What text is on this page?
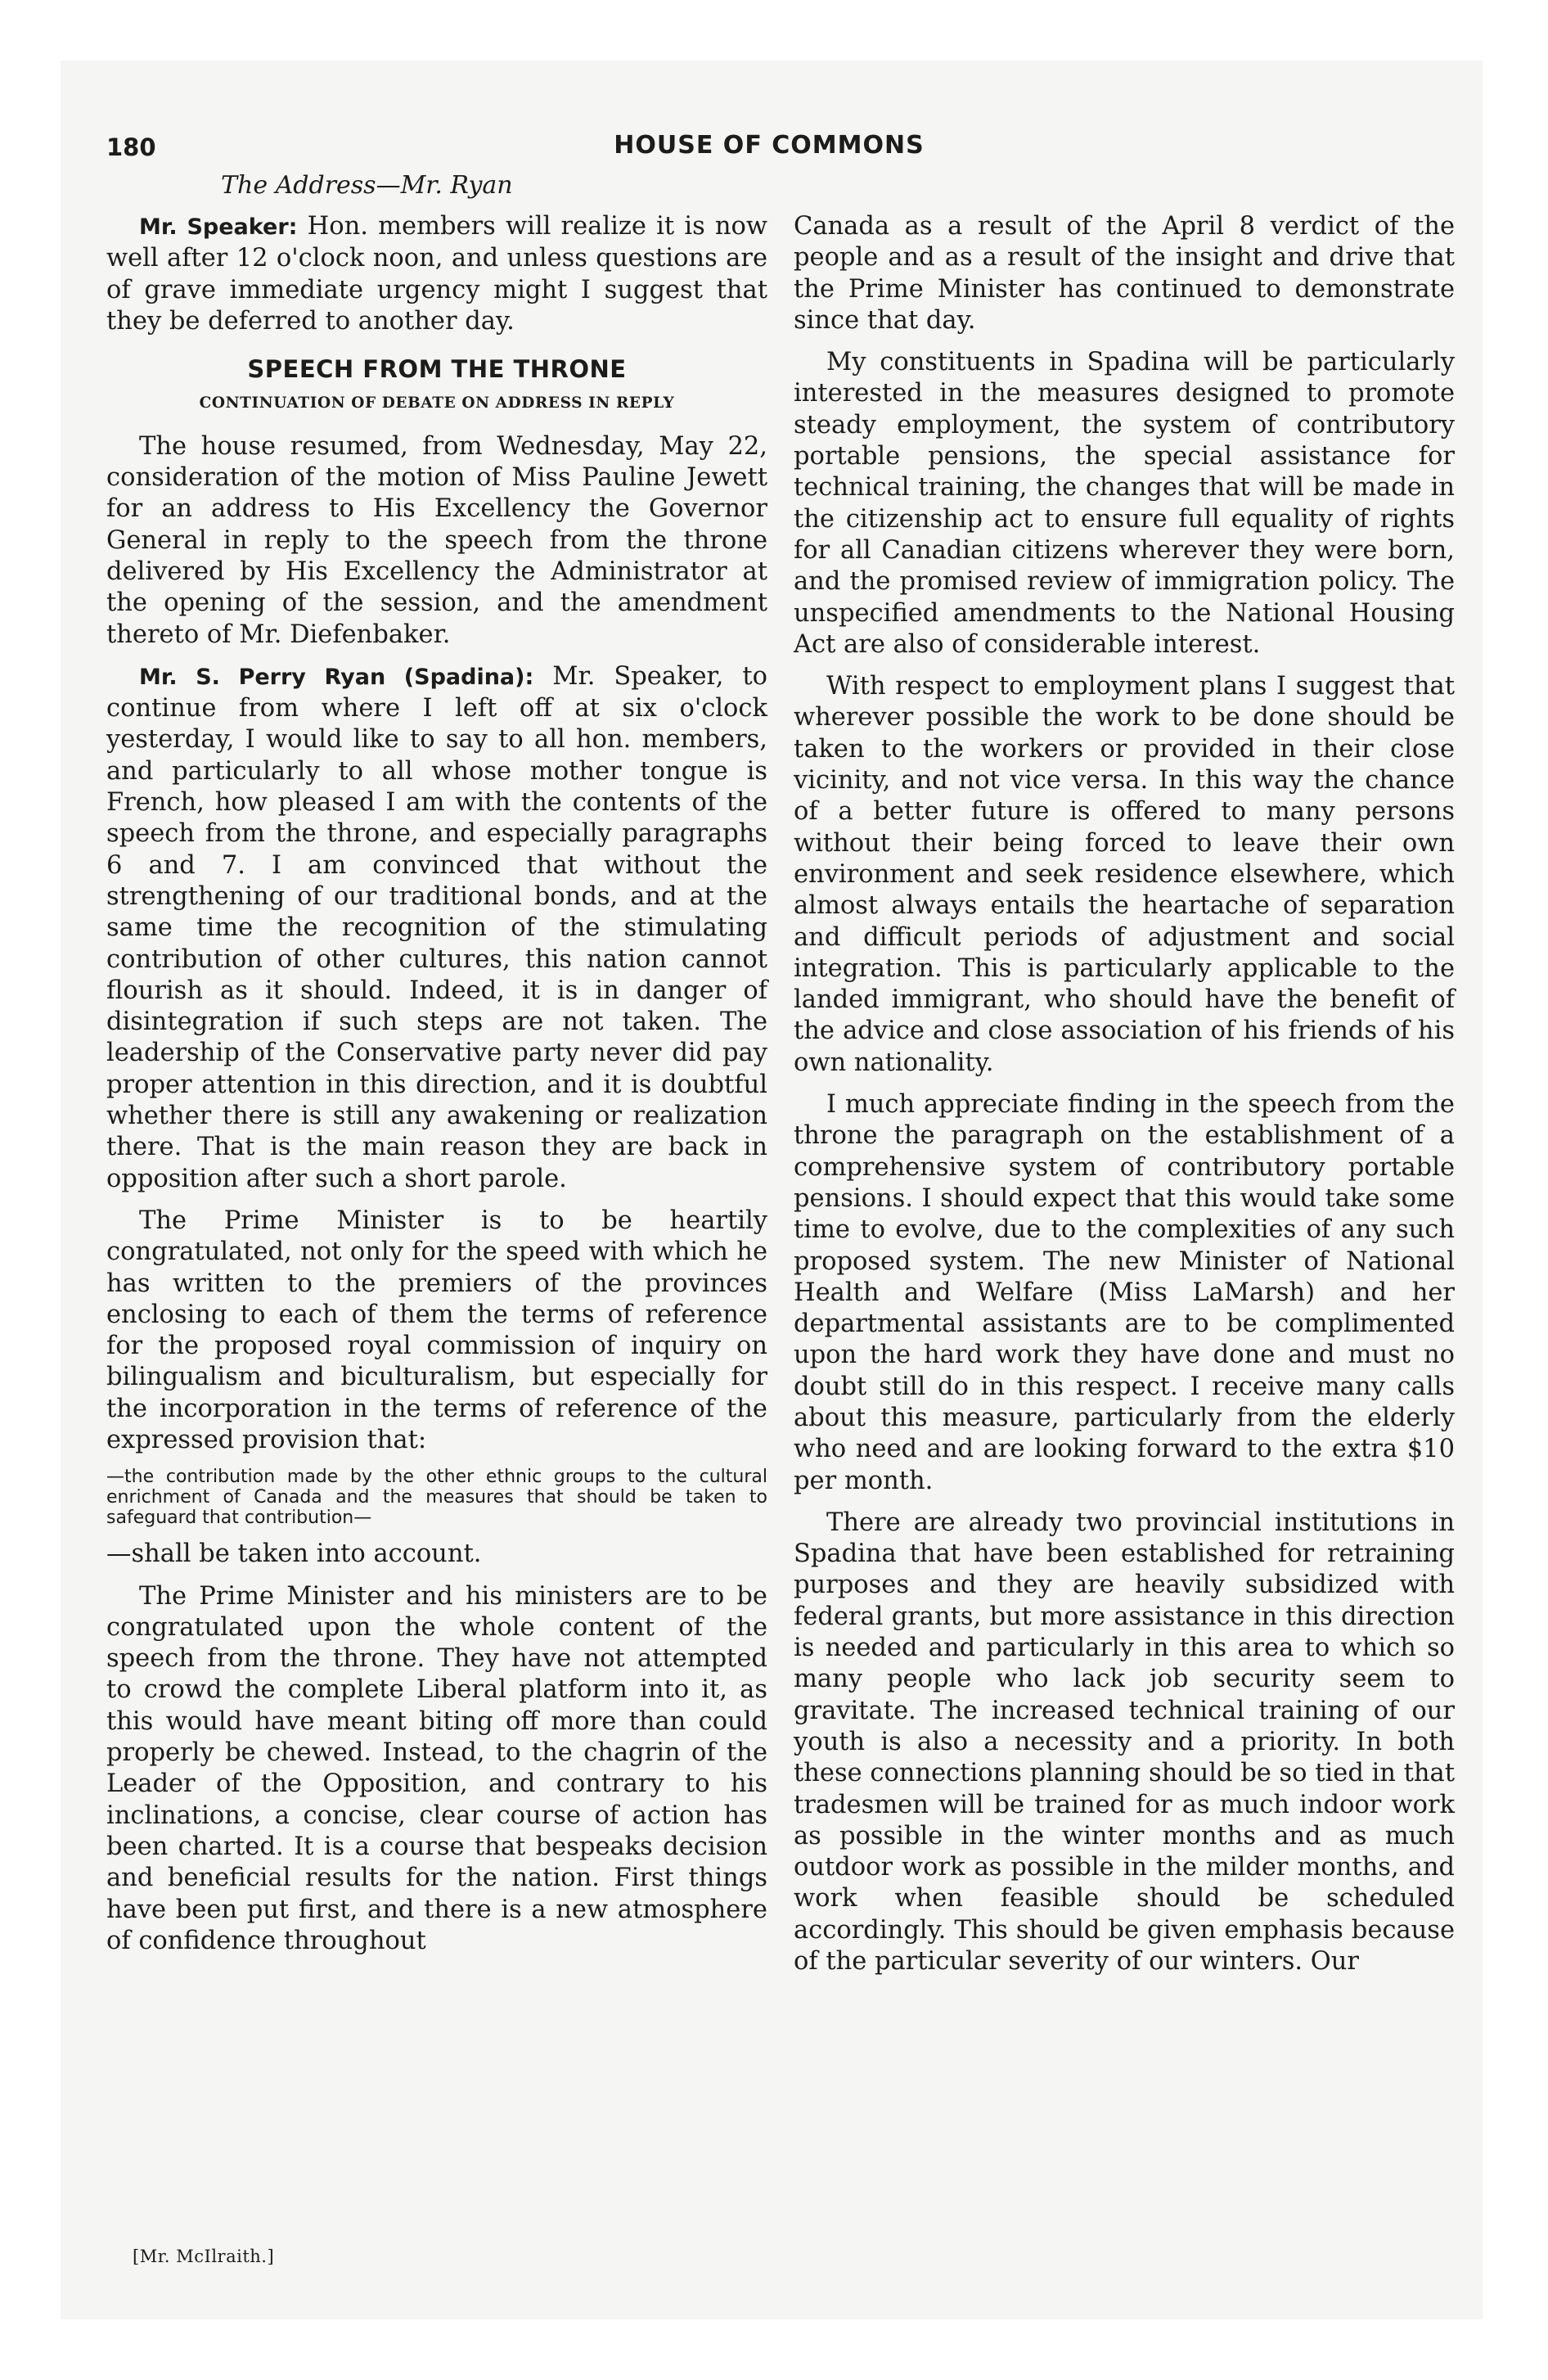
180	HOUSE OF COMMONS

The Address—Mr. Ryan

Mr. Speaker: Hon. members will realize it is now well after 12 o'clock noon, and unless questions are of grave immediate urgency might I suggest that they be deferred to another day.

SPEECH FROM THE THRONE
CONTINUATION OF DEBATE ON ADDRESS IN REPLY

The house resumed, from Wednesday, May 22, consideration of the motion of Miss Pauline Jewett for an address to His Excellency the Governor General in reply to the speech from the throne delivered by His Excellency the Administrator at the opening of the session, and the amendment thereto of Mr. Diefenbaker.

Mr. S. Perry Ryan (Spadina): Mr. Speaker, to continue from where I left off at six o'clock yesterday, I would like to say to all hon. members, and particularly to all whose mother tongue is French, how pleased I am with the contents of the speech from the throne, and especially paragraphs 6 and 7. I am convinced that without the strengthening of our traditional bonds, and at the same time the recognition of the stimulating contribution of other cultures, this nation cannot flourish as it should. Indeed, it is in danger of disintegration if such steps are not taken. The leadership of the Conservative party never did pay proper attention in this direction, and it is doubtful whether there is still any awakening or realization there. That is the main reason they are back in opposition after such a short parole.

The Prime Minister is to be heartily congratulated, not only for the speed with which he has written to the premiers of the provinces enclosing to each of them the terms of reference for the proposed royal commission of inquiry on bilingualism and biculturalism, but especially for the incorporation in the terms of reference of the expressed provision that:

—the contribution made by the other ethnic groups to the cultural enrichment of Canada and the measures that should be taken to safeguard that contribution—

—shall be taken into account.

The Prime Minister and his ministers are to be congratulated upon the whole content of the speech from the throne. They have not attempted to crowd the complete Liberal platform into it, as this would have meant biting off more than could properly be chewed. Instead, to the chagrin of the Leader of the Opposition, and contrary to his inclinations, a concise, clear course of action has been charted. It is a course that bespeaks decision and beneficial results for the nation. First things have been put first, and there is a new atmosphere of confidence throughout

Canada as a result of the April 8 verdict of the people and as a result of the insight and drive that the Prime Minister has continued to demonstrate since that day.

My constituents in Spadina will be particularly interested in the measures designed to promote steady employment, the system of contributory portable pensions, the special assistance for technical training, the changes that will be made in the citizenship act to ensure full equality of rights for all Canadian citizens wherever they were born, and the promised review of immigration policy. The unspecified amendments to the National Housing Act are also of considerable interest.

With respect to employment plans I suggest that wherever possible the work to be done should be taken to the workers or provided in their close vicinity, and not vice versa. In this way the chance of a better future is offered to many persons without their being forced to leave their own environment and seek residence elsewhere, which almost always entails the heartache of separation and difficult periods of adjustment and social integration. This is particularly applicable to the landed immigrant, who should have the benefit of the advice and close association of his friends of his own nationality.

I much appreciate finding in the speech from the throne the paragraph on the establishment of a comprehensive system of contributory portable pensions. I should expect that this would take some time to evolve, due to the complexities of any such proposed system. The new Minister of National Health and Welfare (Miss LaMarsh) and her departmental assistants are to be complimented upon the hard work they have done and must no doubt still do in this respect. I receive many calls about this measure, particularly from the elderly who need and are looking forward to the extra $10 per month.

There are already two provincial institutions in Spadina that have been established for retraining purposes and they are heavily subsidized with federal grants, but more assistance in this direction is needed and particularly in this area to which so many people who lack job security seem to gravitate. The increased technical training of our youth is also a necessity and a priority. In both these connections planning should be so tied in that tradesmen will be trained for as much indoor work as possible in the winter months and as much outdoor work as possible in the milder months, and work when feasible should be scheduled accordingly. This should be given emphasis because of the particular severity of our winters. Our

[Mr. McIlraith.]
